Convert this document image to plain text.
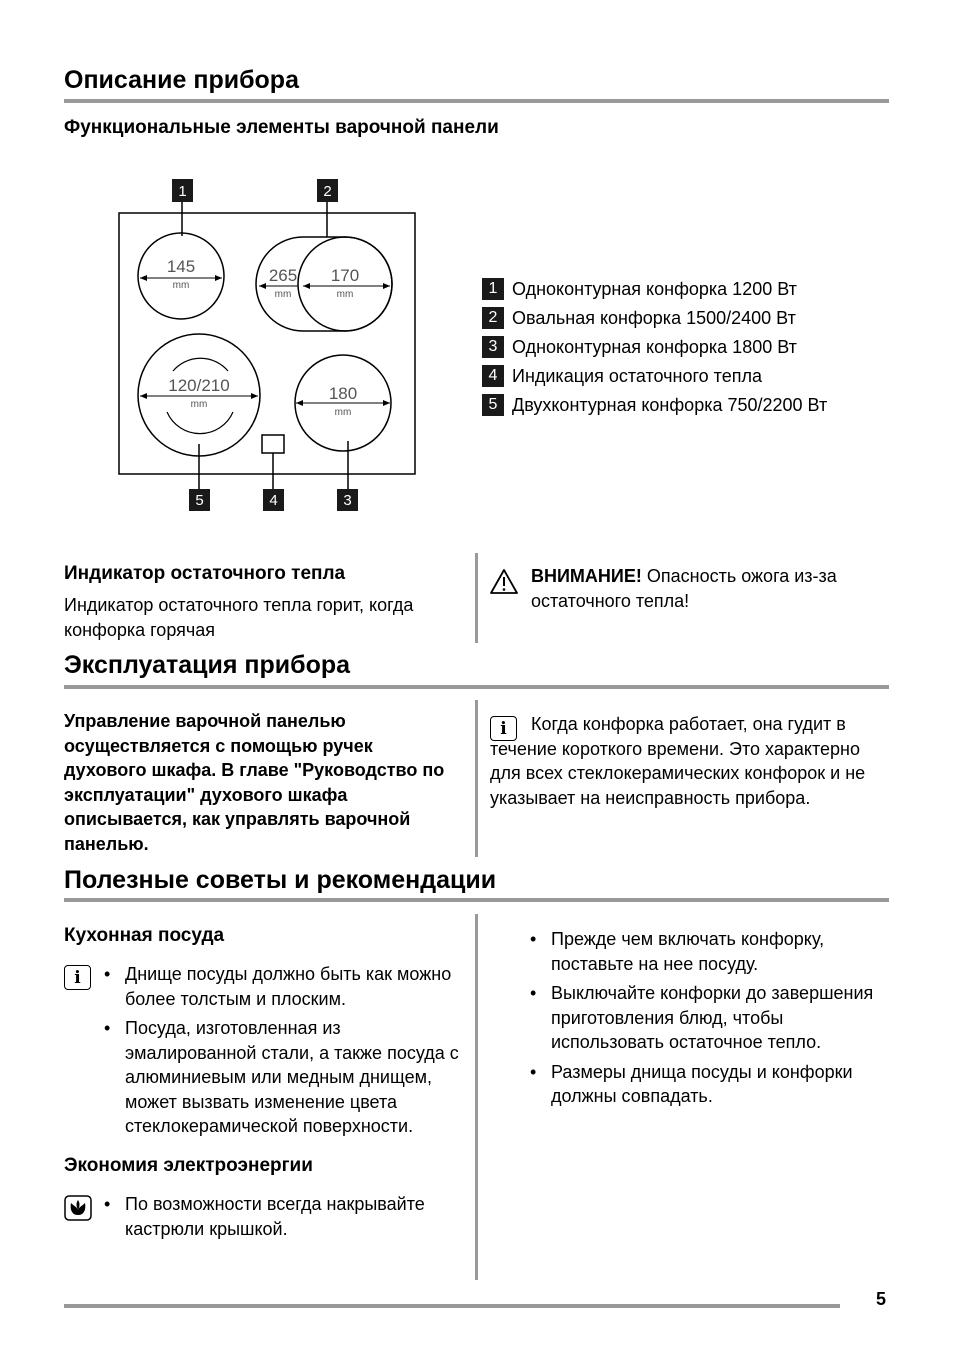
Описание прибора
Функциональные элементы варочной панели
1
145
mm
2
265
mm
170
mm
120/210
mm
5	4
180
mm
3
1 Одноконтурная конфорка 1200 Вт
2 Овальная конфорка 1500/2400 Вт
3 Одноконтурная конфорка 1800 Вт
4 Индикация остаточного тепла
5 Двухконтурная конфорка 750/2200 Вт
Индикатор остаточного тепла
Индикатор остаточного тепла горит, когда конфорка горячая
ВНИМАНИЕ! Опасность ожога из-за остаточного тепла!
Эксплуатация прибора
Управление варочной панелью осуществляется с помощью ручек духового шкафа. В главе "Руководство по эксплуатации" духового шкафа описывается, как управлять варочной панелью.
i	Когда конфорка работает, она гудит в течение короткого времени. Это характерно для всех стеклокерамических конфорок и не указывает на неисправность прибора.
Полезные советы и рекомендации
Кухонная посуда
i
•	Днище посуды должно быть как можно более толстым и плоским.
• Посуда, изготовленная из эмалированной стали, а также посуда с алюминиевым или медным днищем, может вызвать изменение цвета стеклокерамической поверхности.
Экономия электроэнергии
• По возможности всегда накрывайте кастрюли крышкой.
• Прежде чем включать конфорку, поставьте на нее посуду.
• Выключайте конфорки до завершения приготовления блюд, чтобы использовать остаточное тепло.
• Размеры днища посуды и конфорки должны совпадать.
5
